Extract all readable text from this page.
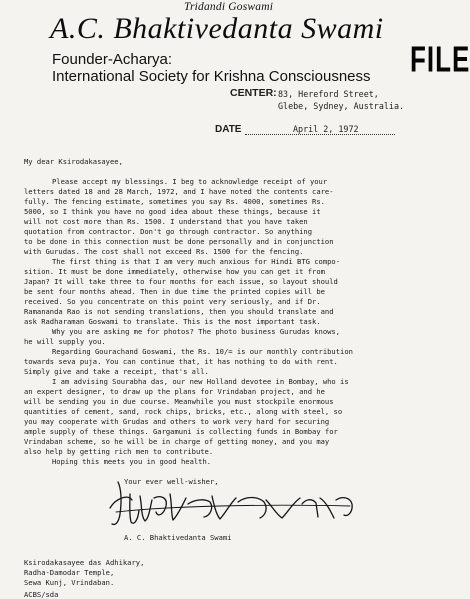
Tridandi Goswami
A.C. Bhaktivedanta Swami
FILE
Founder-Acharya:
International Society for Krishna Consciousness
CENTER: 83, Hereford Street,
Glebe, Sydney, Australia.
DATE	April 2, 1972

My dear Ksirodakasayee,

Please accept my blessings. I beg to acknowledge receipt of your

letters dated 18 and 28 March, 1972, and I have noted the contents care-

fully. The fencing estimate, sometimes you say Rs. 4000, sometimes Rs.

5000, so I think you have no good idea about these things, because it

will not cost more than Rs. 1500. I understand that you have taken

quotation from contractor. Don't go through contractor. So anything

to be done in this connection must be done personally and in conjunction

with Gurudas. The cost shall not exceed Rs. 1500 for the fencing.

The first thing is that I am very much anxious for Hindi BTG compo-

sition. It must be done immediately, otherwise how you can get it from

Japan? It will take three to four months for each issue, so layout should

be sent four months ahead. Then in due time the printed copies will be

received. So you concentrate on this point very seriously, and if Dr.

Ramananda Rao is not sending translations, then you should translate and

ask Radharaman Goswami to translate. This is the most important task.

Why you are asking me for photos? The photo business Gurudas knows,

he will supply you.

Regarding Gourachand Goswami, the Rs. 10/= is our monthly contribution

towards seva puja. You can continue that, it has nothing to do with rent.

Simply give and take a receipt, that's all.

I am advising Sourabha das, our new Holland devotee in Bombay, who is

an expert designer, to draw up the plans for Vrindaban project, and he

will be sending you in due course. Meanwhile you must stockpile enormous

quantities of cement, sand, rock chips, bricks, etc., along with steel, so

you may cooperate with Grudas and others to work very hard for securing

ample supply of these things. Gargamuni is collecting funds in Bombay for

Vrindaban scheme, so he will be in charge of getting money, and you may

also help by getting rich men to contribute.

Hoping this meets you in good health.

Your ever well-wisher,

A. C. Bhaktivedanta Swami

Ksirodakasayee das Adhikary,

Radha-Damodar Temple,

Sewa Kunj, Vrindaban.

ACBS/sda
